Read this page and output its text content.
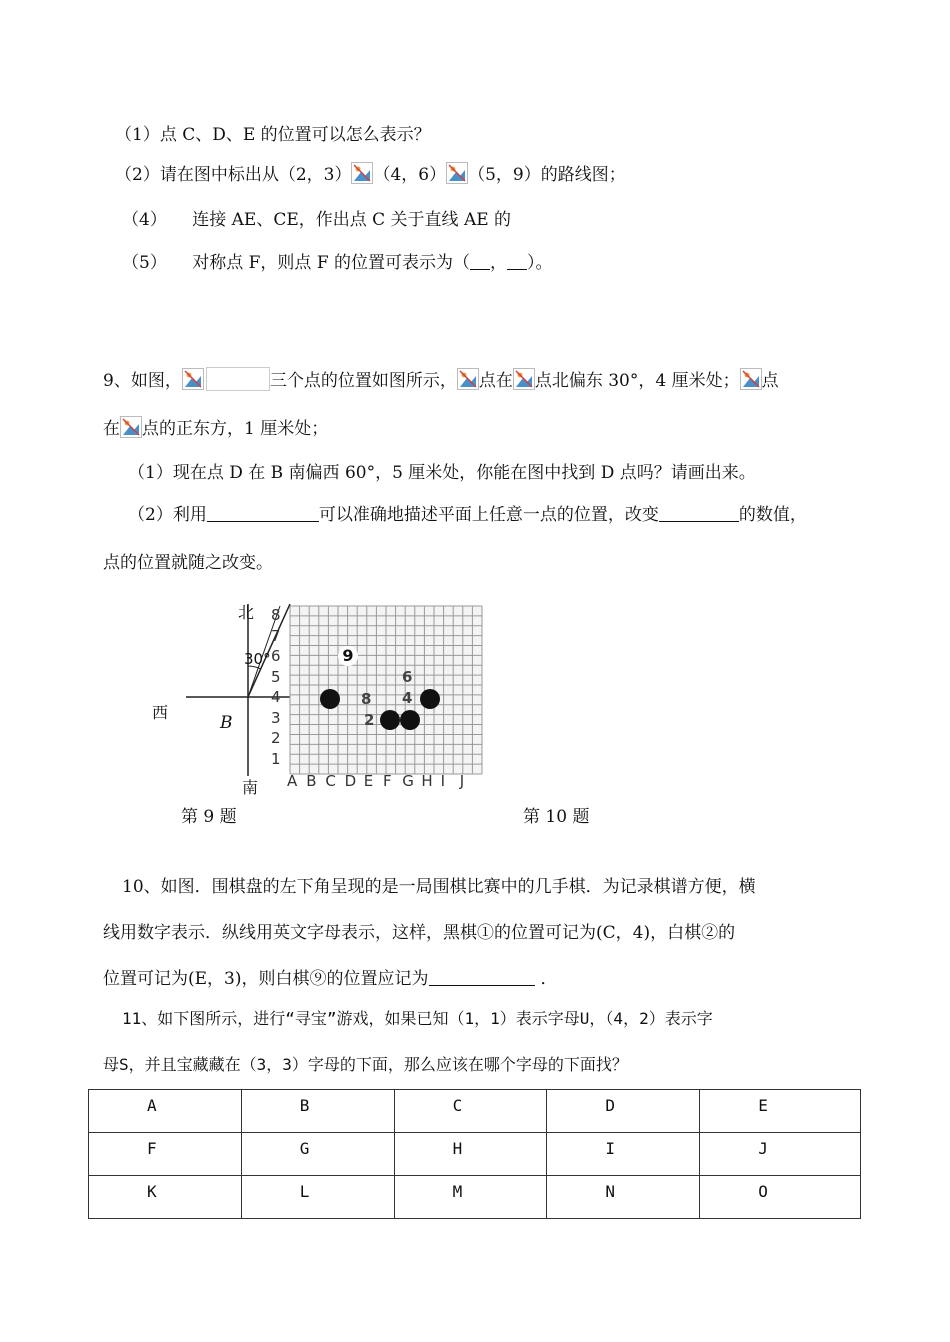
（1）点 C、D、E 的位置可以怎么表示？
（2）请在图中标出从（2，3） （4，6） （5，9）的路线图；
（4） 连接 AE、CE，作出点 C 关于直线 AE 的
（5） 对称点 F，则点 F 的位置可表示为（ ， ）。
9、如图，	三个点的位置如图所示， 点在 点北偏东 30°，4 厘米处； 点
在 点的正东方，1 厘米处；
（1）现在点 D 在 B 南偏西 60°，5 厘米处，你能在图中找到 D 点吗？请画出来。
（2）利用	可以准确地描述平面上任意一点的位置，改变	的数值，
点的位置就随之改变。
北
30°
西
B
南
第 9 题
8
7
6
5
4
3
2
1
A B C D E F G H I J
9
8
6
4
2
第 10 题
10、如图．围棋盘的左下角呈现的是一局围棋比赛中的几手棋．为记录棋谱方便，横
线用数字表示．纵线用英文字母表示，这样，黑棋①的位置可记为(C，4)，白棋②的
位置可记为(E，3)，则白棋⑨的位置应记为	．
11、如下图所示，进行“寻宝”游戏，如果已知（1，1）表示字母U，（4，2）表示字
母S，并且宝藏藏在（3，3）字母的下面，那么应该在哪个字母的下面找？
A	B	C	D	E

F	G	H	I	J

K	L	M	N	O
